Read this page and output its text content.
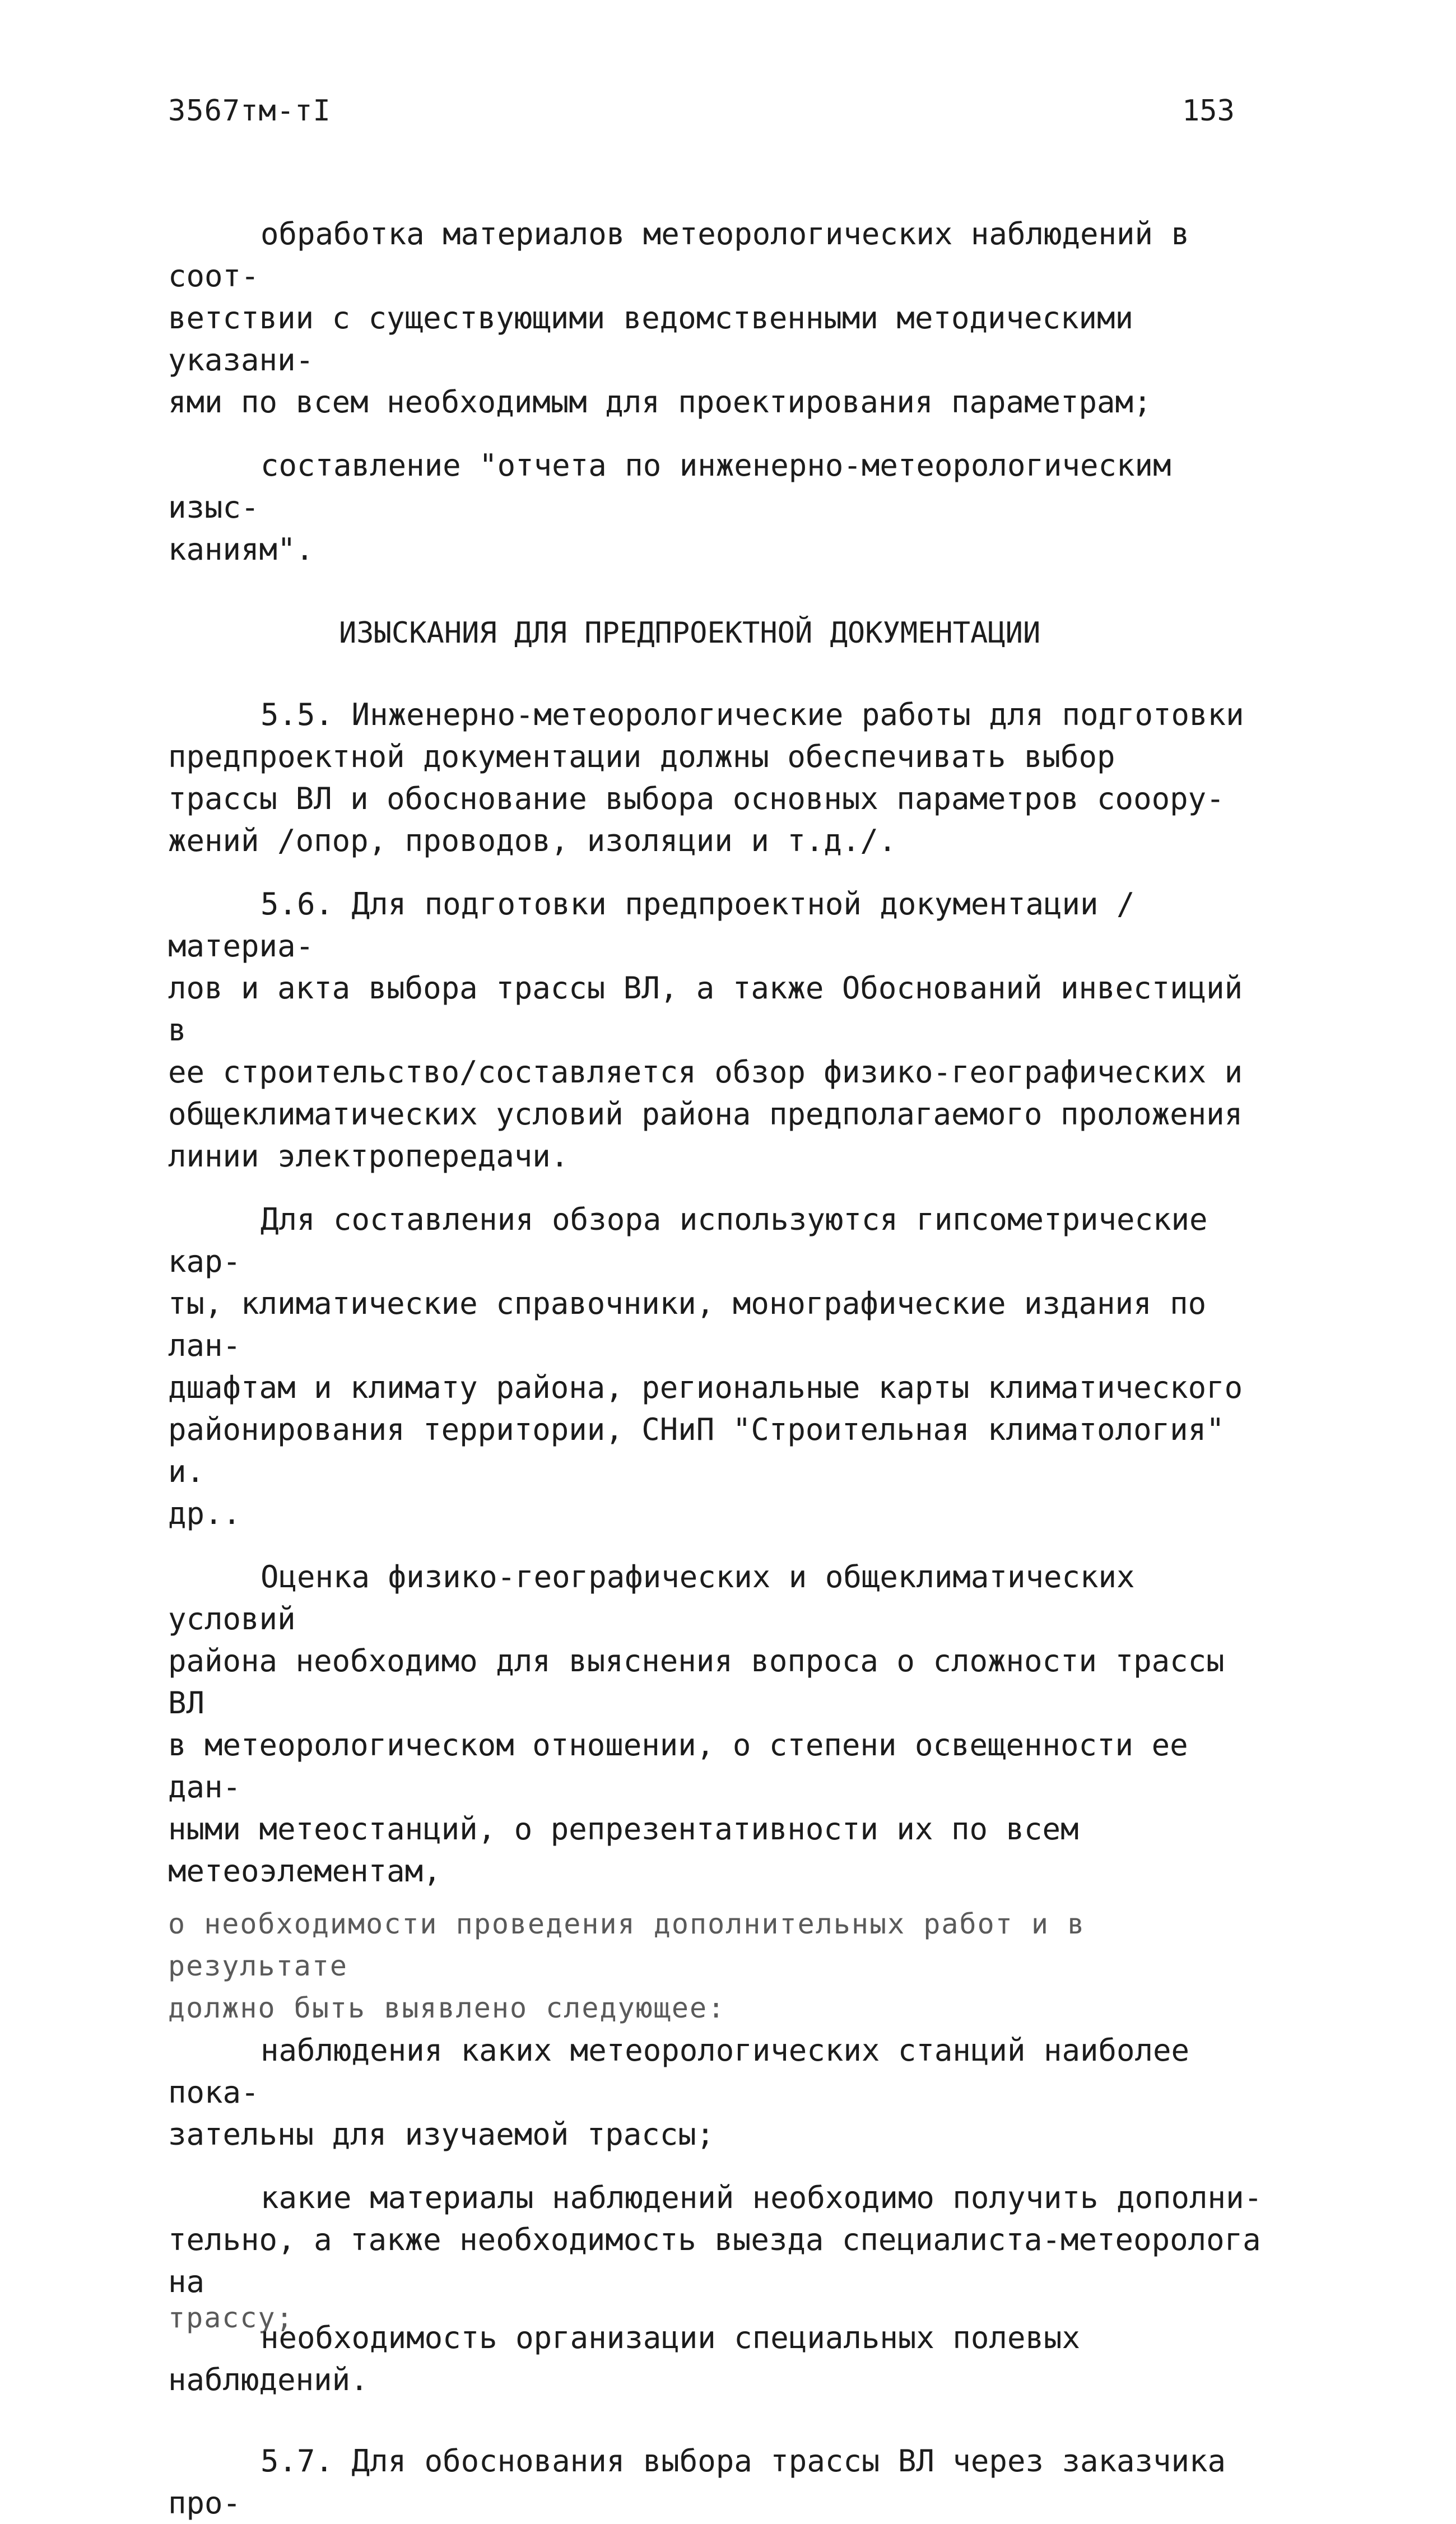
3567тм-тI	153

обработка материалов метеорологических наблюдений в соот-
ветствии с существующими ведомственными методическими указани-
ями по всем необходимым для проектирования параметрам;

составление "отчета по инженерно-метеорологическим изыс-
каниям".

ИЗЫСКАНИЯ ДЛЯ ПРЕДПРОЕКТНОЙ ДОКУМЕНТАЦИИ

5.5. Инженерно-метеорологические работы для подготовки
предпроектной документации должны обеспечивать выбор
трассы ВЛ и обоснование выбора основных параметров сооору-
жений /опор, проводов, изоляции и т.д./.

5.6. Для подготовки предпроектной документации /материа-
лов и акта выбора трассы ВЛ, а также Обоснований инвестиций в
ее строительство/составляется обзор физико-географических и
общеклиматических условий района предполагаемого проложения
линии электропередачи.

Для составления обзора используются гипсометрические кар-
ты, климатические справочники, монографические издания по лан-
дшафтам и климату района, региональные карты климатического
районирования территории, СНиП "Строительная климатология" и.
др..

Оценка физико-географических и общеклиматических условий
района необходимо для выяснения вопроса о сложности трассы ВЛ
в метеорологическом отношении, о степени освещенности ее дан-
ными метеостанций, о репрезентативности их по всем метеоэлементам,

о необходимости проведения дополнительных работ и в результате
должно быть выявлено следующее:

наблюдения каких метеорологических станций наиболее пока-
зательны для изучаемой трассы;

какие материалы наблюдений необходимо получить дополни-
тельно, а также необходимость выезда специалиста-метеоролога на

трассу;

необходимость организации специальных полевых наблюдений.

5.7. Для обоснования выбора трассы ВЛ через заказчика про-
